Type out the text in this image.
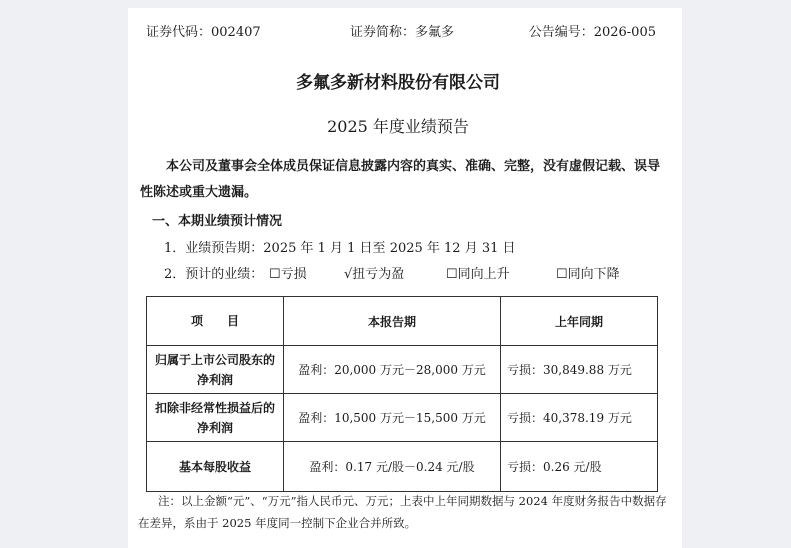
证券代码：002407	证券简称：多氟多	公告编号：2026-005
多氟多新材料股份有限公司
2025 年度业绩预告
本公司及董事会全体成员保证信息披露内容的真实、准确、完整，没有虚假记载、误导性陈述或重大遗漏。
一、本期业绩预计情况
1．业绩预告期：2025 年 1 月 1 日至 2025 年 12 月 31 日
2．预计的业绩： ☐亏损	√扭亏为盈	☐同向上升	☐同向下降
项　　目	本报告期	上年同期

归属于上市公司股东的
净利润	盈利：20,000 万元－28,000 万元	亏损：30,849.88 万元

扣除非经常性损益后的
净利润	盈利：10,500 万元－15,500 万元	亏损：40,378.19 万元

基本每股收益	盈利：0.17 元/股－0.24 元/股	亏损：0.26 元/股
注：以上金额“元”、“万元”指人民币元、万元；上表中上年同期数据与 2024 年度财务报告中数据存在差异，系由于 2025 年度同一控制下企业合并所致。
